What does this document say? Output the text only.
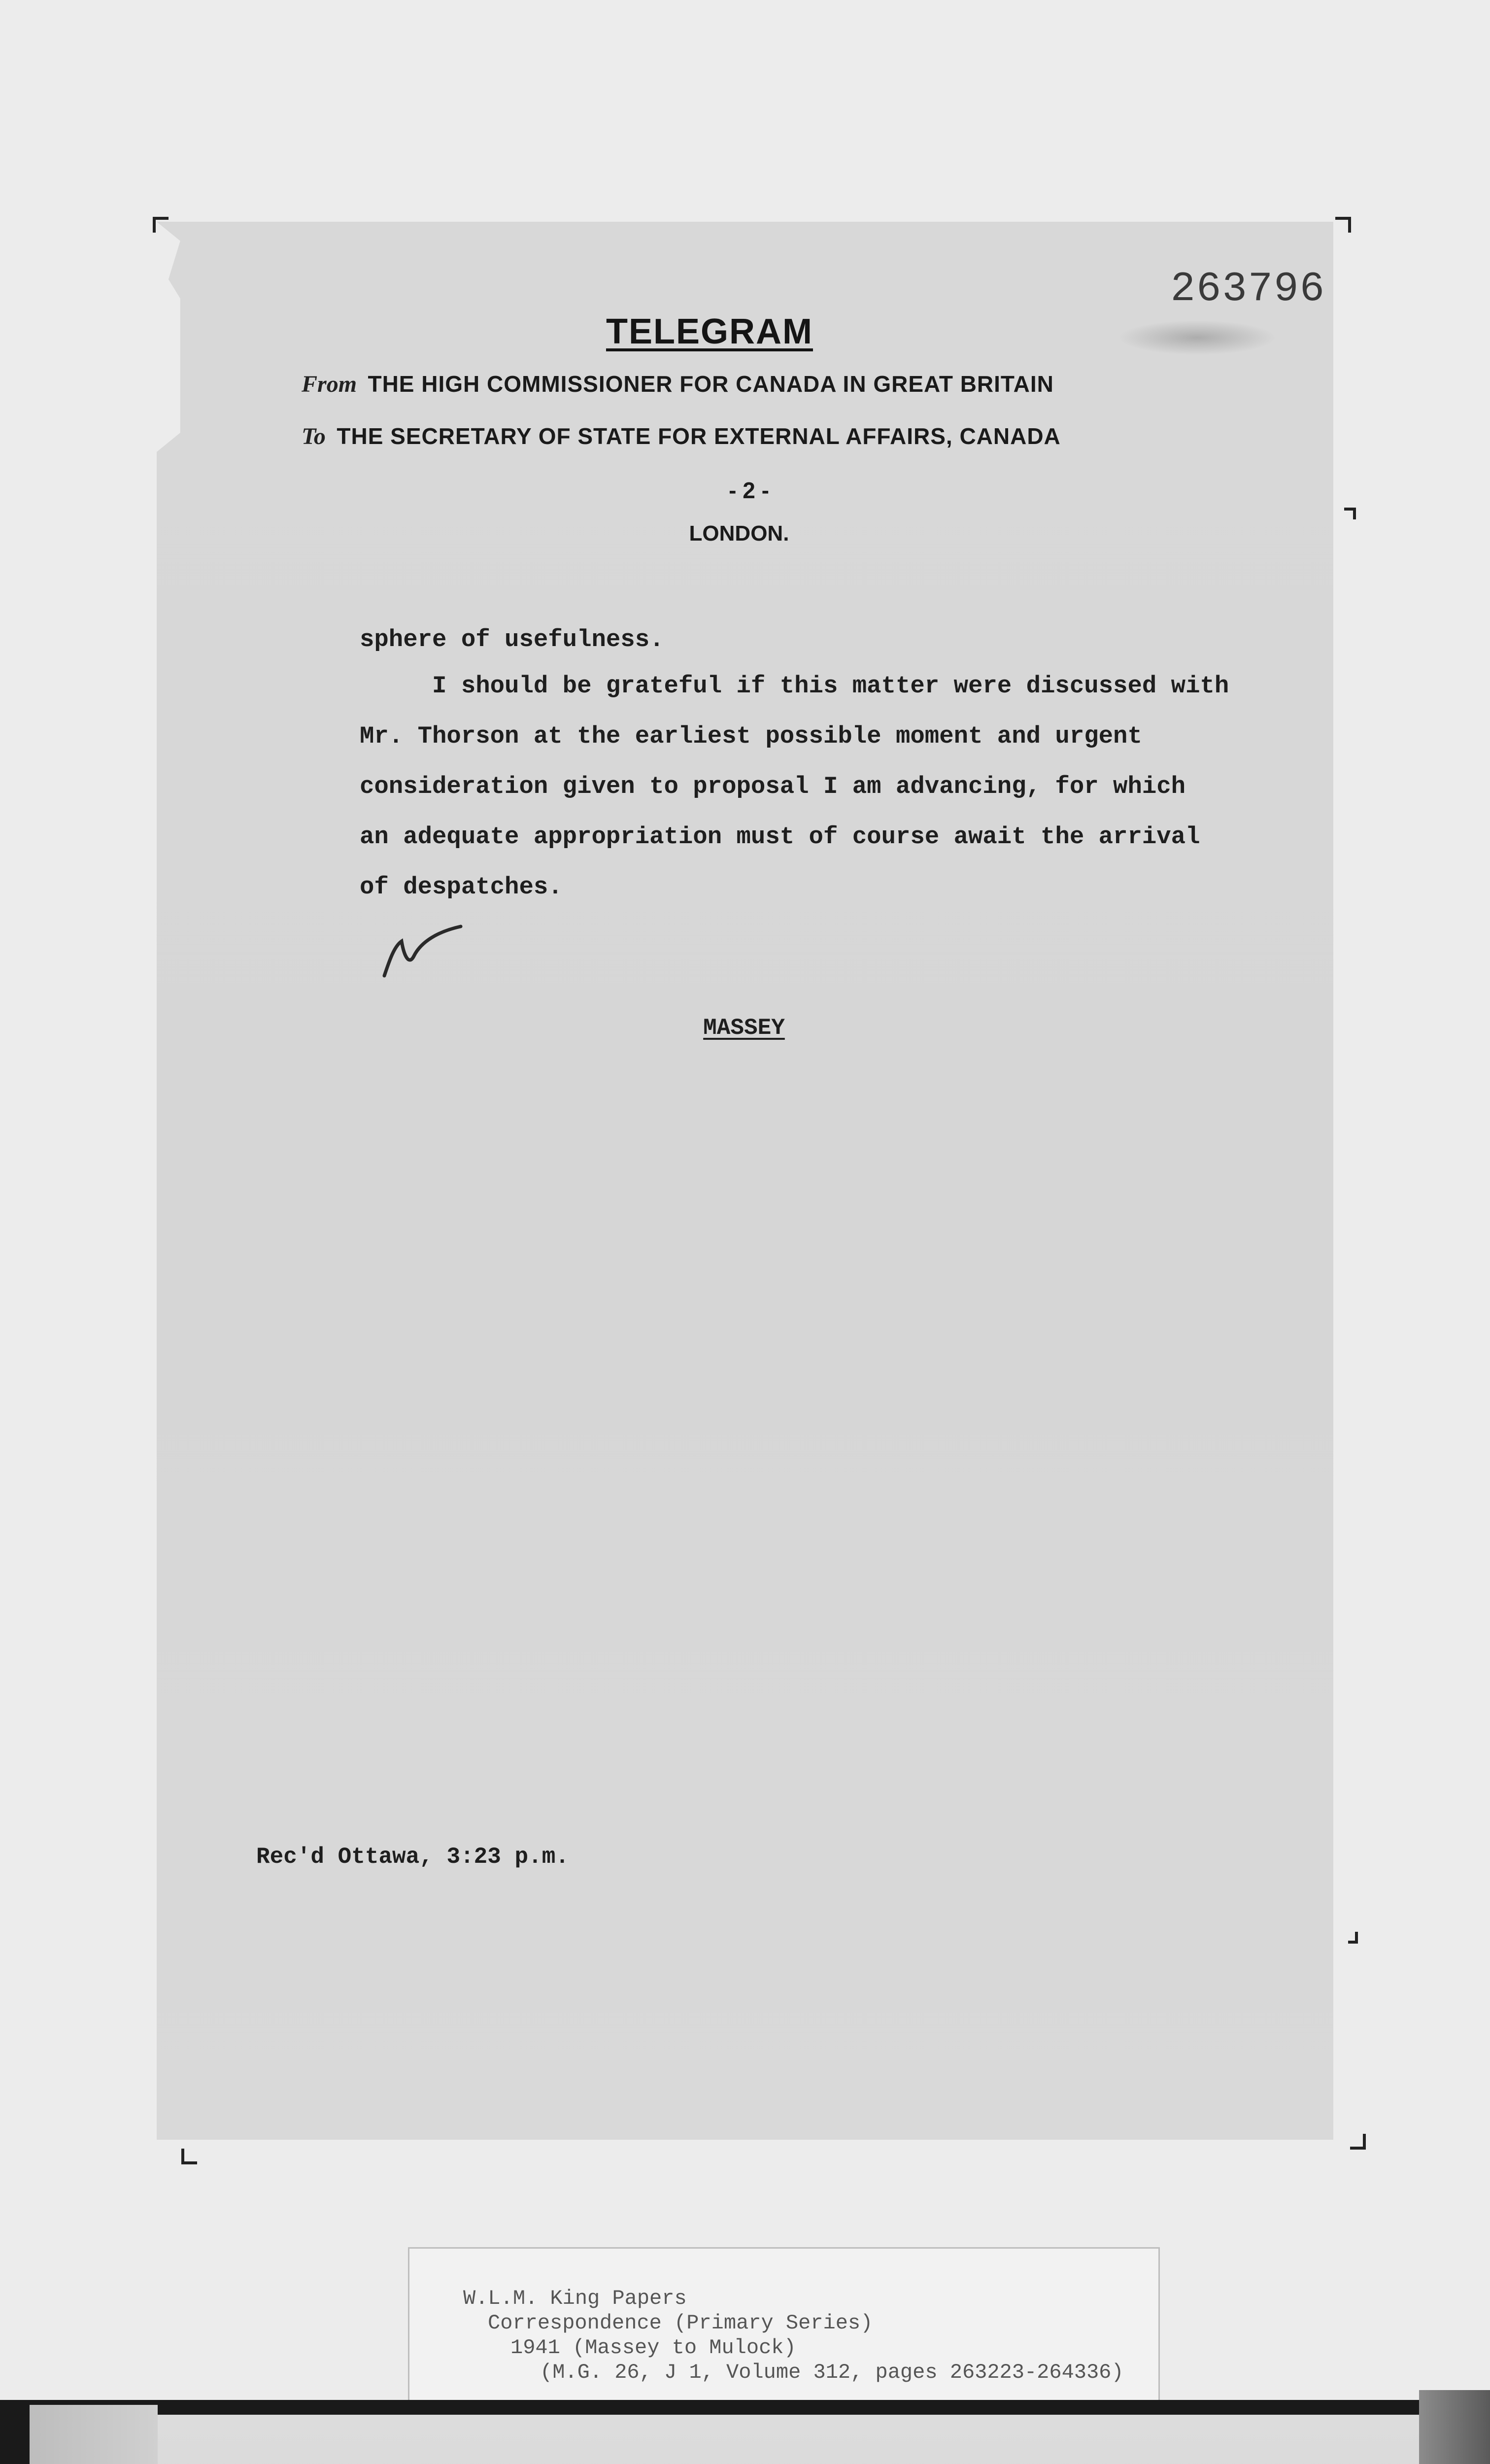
263796
TELEGRAM
From THE HIGH COMMISSIONER FOR CANADA IN GREAT BRITAIN
To THE SECRETARY OF STATE FOR EXTERNAL AFFAIRS, CANADA
- 2 -
LONDON.
sphere of usefulness.
I should be grateful if this matter were discussed with
Mr. Thorson at the earliest possible moment and urgent
consideration given to proposal I am advancing, for which
an adequate appropriation must of course await the arrival
of despatches.
MASSEY
Rec'd Ottawa, 3:23 p.m.
W.L.M. King Papers
Correspondence (Primary Series)
1941 (Massey to Mulock)
(M.G. 26, J 1, Volume 312, pages 263223-264336)
